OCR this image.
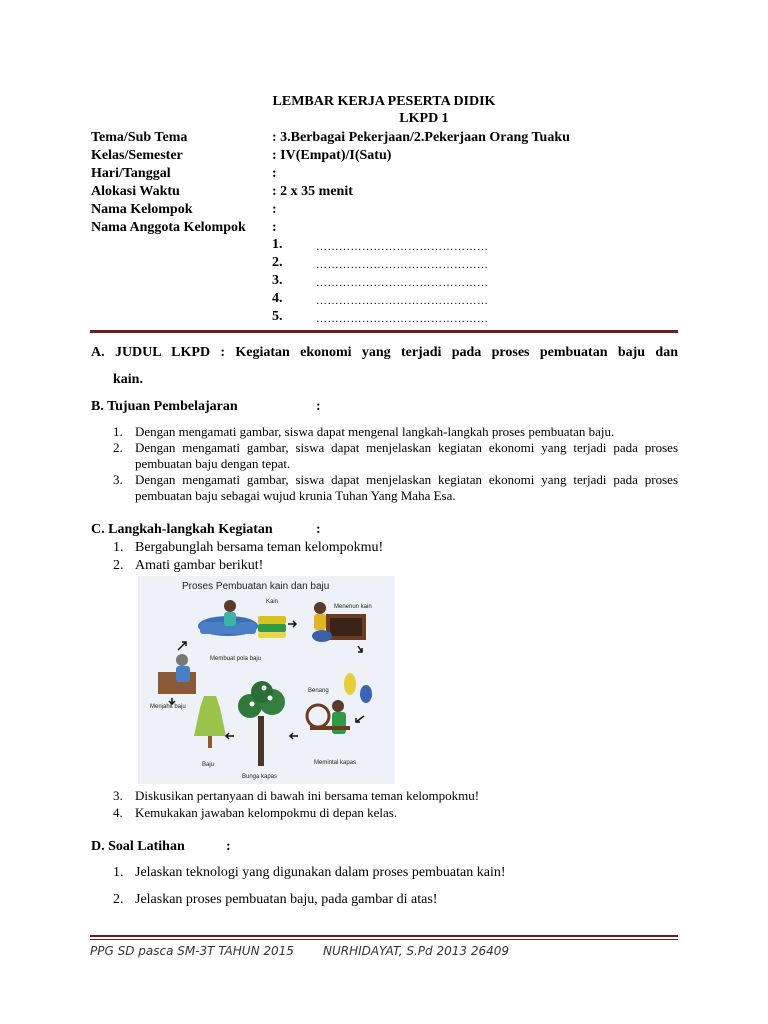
LEMBAR KERJA PESERTA DIDIK
LKPD 1
Tema/Sub Tema	: 3.Berbagai Pekerjaan/2.Pekerjaan Orang Tuaku
Kelas/Semester	: IV(Empat)/I(Satu)
Hari/Tanggal	:
Alokasi Waktu	: 2 x 35 menit
Nama Kelompok	:
Nama Anggota Kelompok :
1.	………………………………………
2.	………………………………………
3.	………………………………………
4.	………………………………………
5.	………………………………………
A. JUDUL LKPD : Kegiatan ekonomi yang terjadi pada proses pembuatan baju dan
kain.
B. Tujuan Pembelajaran	:
1. Dengan mengamati gambar, siswa dapat mengenal langkah-langkah proses pembuatan baju.
2. Dengan mengamati gambar, siswa dapat menjelaskan kegiatan ekonomi yang terjadi pada proses
pembuatan baju dengan tepat.
3. Dengan mengamati gambar, siswa dapat menjelaskan kegiatan ekonomi yang terjadi pada proses
pembuatan baju sebagai wujud krunia Tuhan Yang Maha Esa.
C. Langkah-langkah Kegiatan	:
1. Bergabunglah bersama teman kelompokmu!
2. Amati gambar berikut!
Proses Pembuatan kain dan baju
Membuat pola baju
Kain
Menenun kain
Menjahit baju
Baju
Bunga kapas
Benang
Memintal kapas
3. Diskusikan pertanyaan di bawah ini bersama teman kelompokmu!
4. Kemukakan jawaban kelompokmu di depan kelas.
D. Soal Latihan	:
1. Jelaskan teknologi yang digunakan dalam proses pembuatan kain!
2. Jelaskan proses pembuatan baju, pada gambar di atas!
PPG SD pasca SM-3T TAHUN 2015 NURHIDAYAT, S.Pd 2013 26409
